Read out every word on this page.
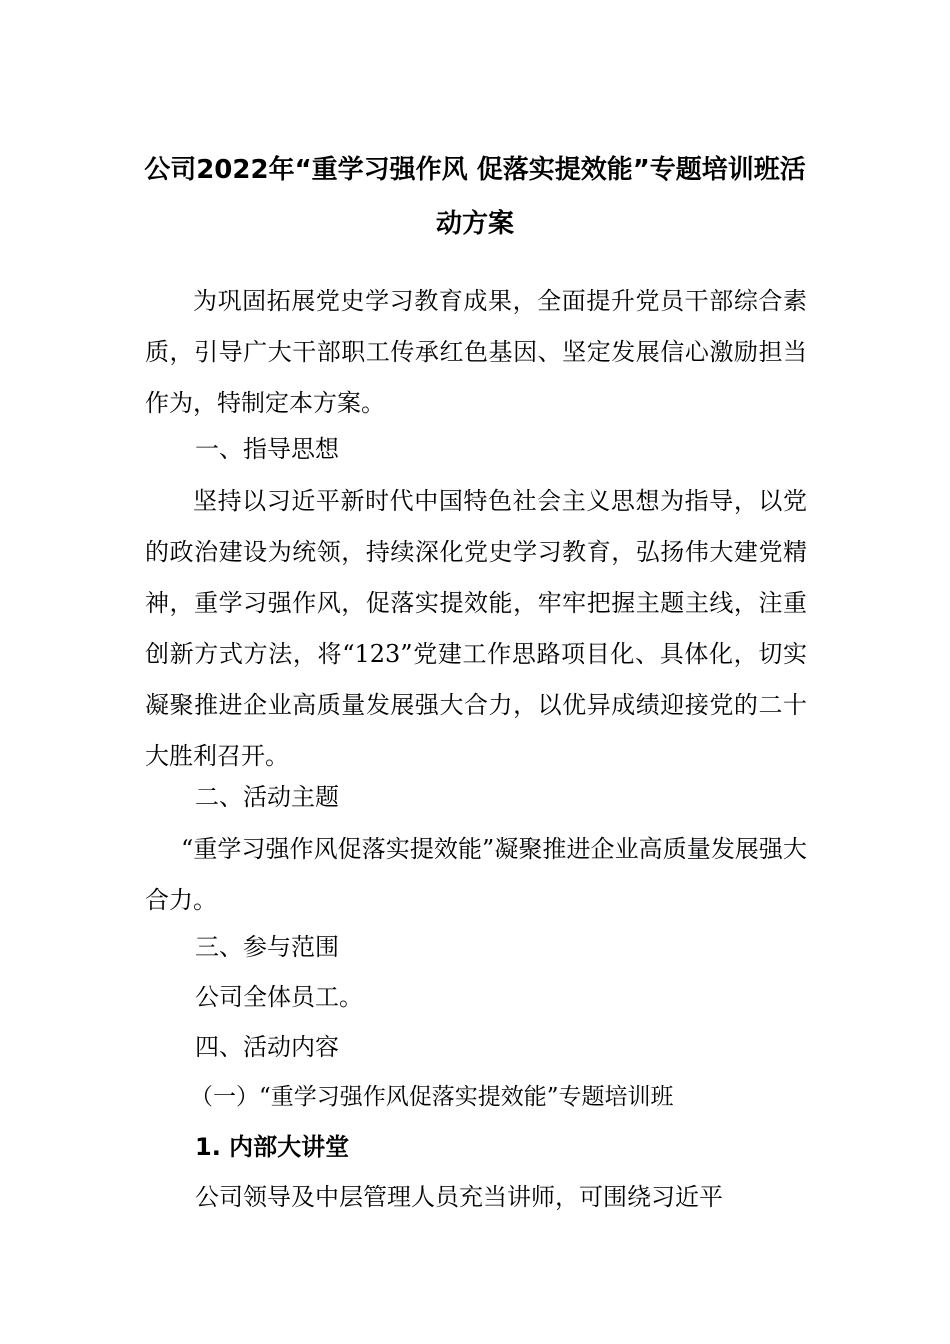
公司2022年“重学习强作风 促落实提效能”专题培训班活
动方案

为巩固拓展党史学习教育成果，全面提升党员干部综合素质，引导广大干部职工传承红色基因、坚定发展信心激励担当作为，特制定本方案。

一、指导思想

坚持以习近平新时代中国特色社会主义思想为指导，以党的政治建设为统领，持续深化党史学习教育，弘扬伟大建党精神，重学习强作风，促落实提效能，牢牢把握主题主线，注重创新方式方法，将“123”党建工作思路项目化、具体化，切实凝聚推进企业高质量发展强大合力，以优异成绩迎接党的二十大胜利召开。

二、活动主题

“重学习强作风促落实提效能”凝聚推进企业高质量发展强大合力。

三、参与范围

公司全体员工。

四、活动内容

（一）“重学习强作风促落实提效能”专题培训班

1. 内部大讲堂

公司领导及中层管理人员充当讲师，可围绕习近平
